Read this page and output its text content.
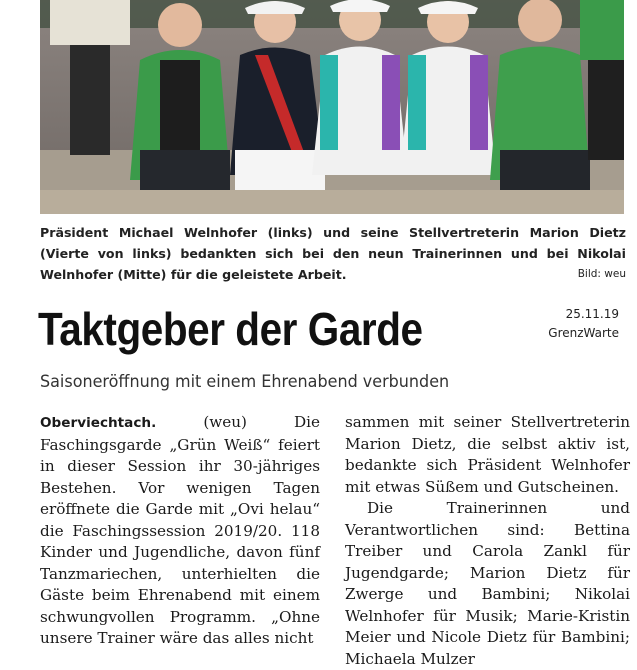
Präsident Michael Welnhofer (links) und seine Stellvertreterin Marion Dietz (Vierte von links) bedankten sich bei den neun Trainerinnen und bei Nikolai Welnhofer (Mitte) für die geleistete Arbeit.	Bild: weu
Taktgeber der Garde	25.11.19
GrenzWarte
Saisoneröffnung mit einem Ehrenabend verbunden

Oberviechtach.	(weu) Die Faschingsgarde „Grün Weiß“ feiert in dieser Session ihr 30-jähriges Bestehen. Vor wenigen Tagen eröffnete die Garde mit „Ovi helau“ die Faschingssession 2019/20. 118 Kinder und Jugendliche, davon fünf Tanzmariechen, unterhielten die Gäste beim Ehrenabend mit einem schwungvollen Programm. „Ohne unsere Trainer wäre das alles nicht

sammen mit seiner Stellvertreterin Marion Dietz, die selbst aktiv ist, bedankte sich Präsident Welnhofer mit etwas Süßem und Gutscheinen.

Die Trainerinnen und Verantwortlichen sind: Bettina Treiber und Carola Zankl für Jugendgarde; Marion Dietz für Zwerge und Bambini; Nikolai Welnhofer für Musik; Marie-Kristin Meier und Nicole Dietz für Bambini; Michaela Mulzer
